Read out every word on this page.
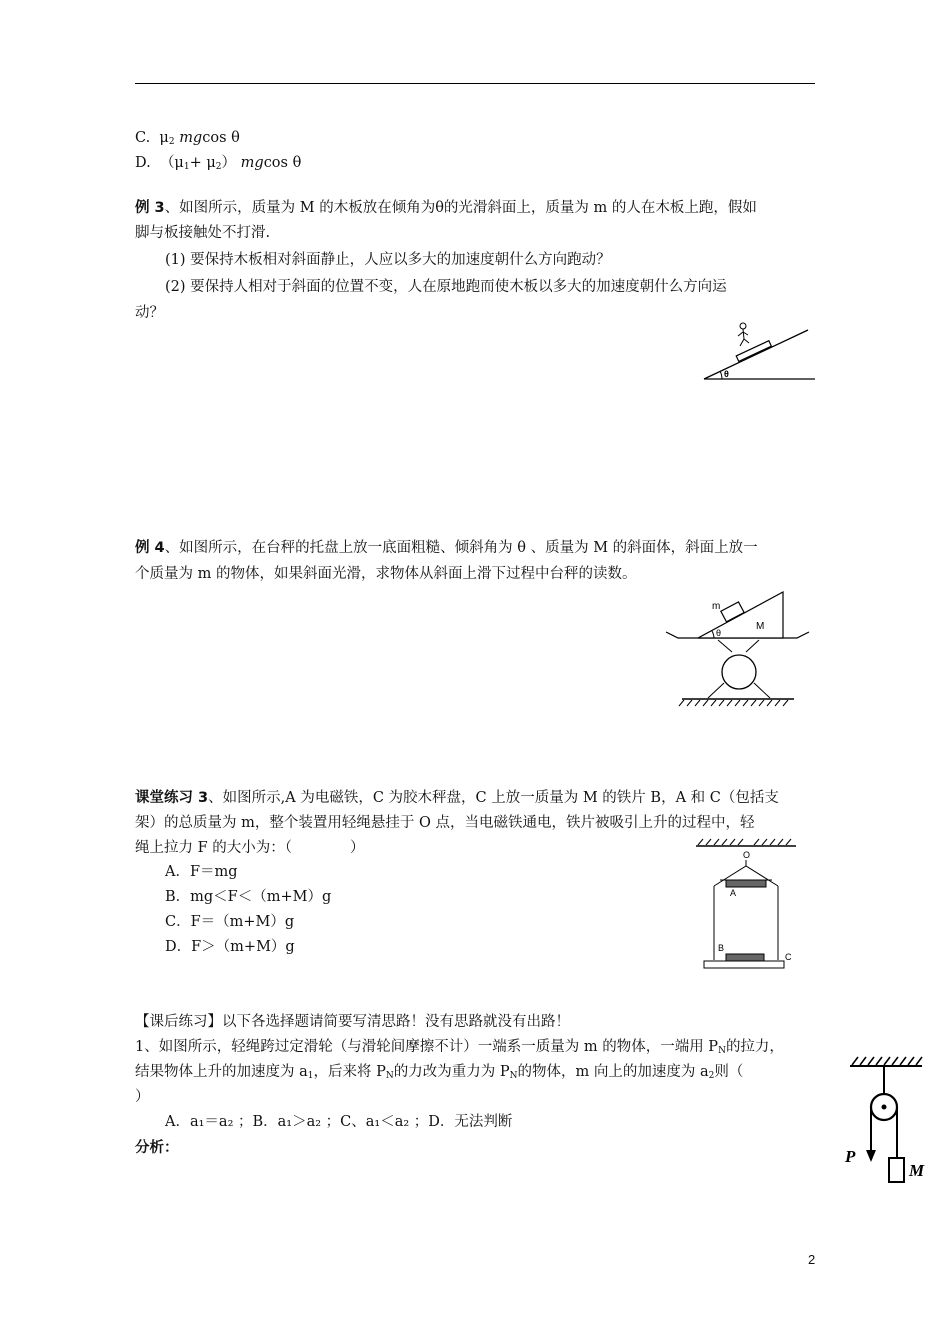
C. $\mu_2$ mgcos θ
D. $(\mu_1+ \mu_2)$ mgcos θ
例 3、如图所示，质量为 M 的木板放在倾角为θ的光滑斜面上，质量为 m 的人在木板上跑，假如
脚与板接触处不打滑.
(1) 要保持木板相对斜面静止，人应以多大的加速度朝什么方向跑动？
(2) 要保持人相对于斜面的位置不变，人在原地跑而使木板以多大的加速度朝什么方向运
动？
θ
例 4、如图所示，在台秤的托盘上放一底面粗糙、倾斜角为 θ 、质量为 M 的斜面体，斜面上放一
个质量为 m 的物体，如果斜面光滑，求物体从斜面上滑下过程中台秤的读数。
θ
m
M
课堂练习 3、如图所示,A 为电磁铁，C 为胶木秤盘，C 上放一质量为 M 的铁片 B，A 和 C（包括支
架）的总质量为 m，整个装置用轻绳悬挂于 O 点，当电磁铁通电，铁片被吸引上升的过程中，轻
绳上拉力 F 的大小为：（　　　　）
A．F＝mg
B．mg＜F＜（m+M）g
C．F＝（m+M）g
D．F＞（m+M）g
O
A
B
C
【课后练习】以下各选择题请简要写清思路！没有思路就没有出路！
1、如图所示，轻绳跨过定滑轮（与滑轮间摩擦不计）一端系一质量为 m 的物体，一端用 $P_N$的拉力，
结果物体上升的加速度为 $a_1$，后来将 $P_N$的力改为重力为 $P_N$的物体，m 向上的加速度为 $a_2$则（
）
A．a₁＝a₂ ；B．a₁＞a₂ ；C、a₁＜a₂ ；D．无法判断
分析：	P
M
2
